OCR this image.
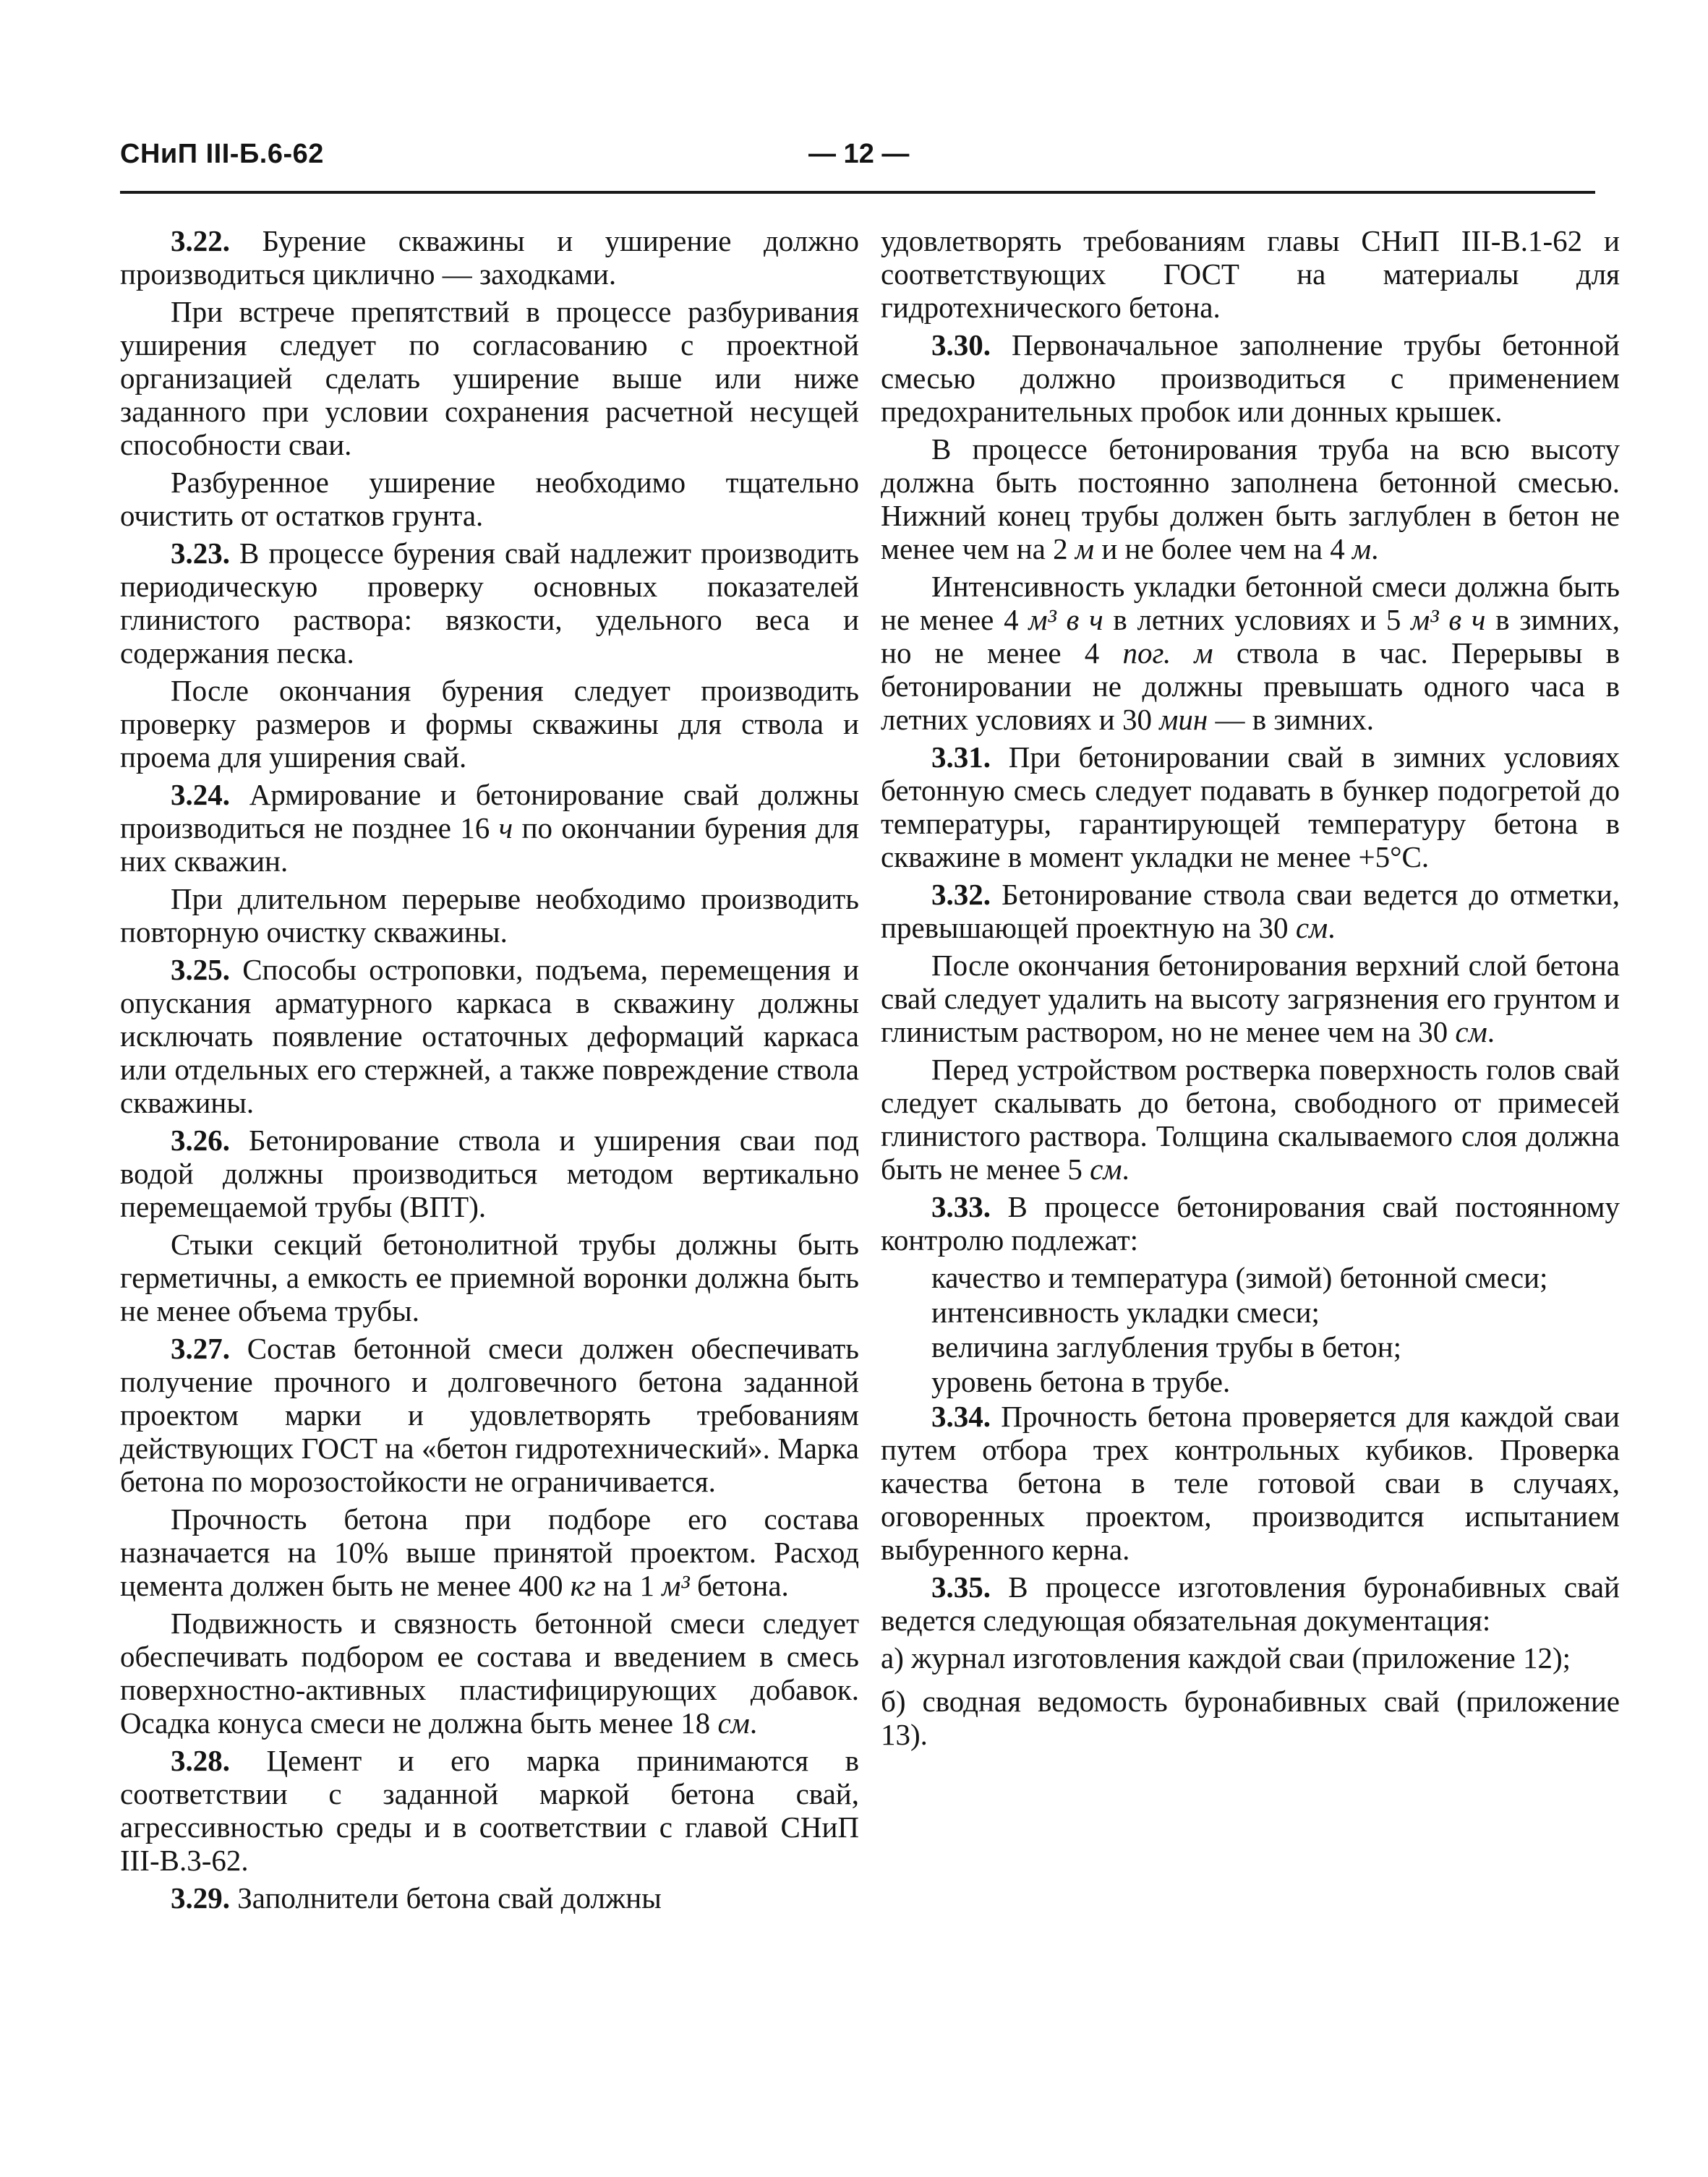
СНиП III-Б.6-62	— 12 —

3.22. Бурение скважины и уширение должно производиться циклично — заходками.

При встрече препятствий в процессе разбуривания уширения следует по согласованию с проектной организацией сделать уширение выше или ниже заданного при условии сохранения расчетной несущей способности сваи.

Разбуренное уширение необходимо тщательно очистить от остатков грунта.

3.23. В процессе бурения свай надлежит производить периодическую проверку основных показателей глинистого раствора: вязкости, удельного веса и содержания песка.

После окончания бурения следует производить проверку размеров и формы скважины для ствола и проема для уширения свай.

3.24. Армирование и бетонирование свай должны производиться не позднее 16 ч по окончании бурения для них скважин.

При длительном перерыве необходимо производить повторную очистку скважины.

3.25. Способы остроповки, подъема, перемещения и опускания арматурного каркаса в скважину должны исключать появление остаточных деформаций каркаса или отдельных его стержней, а также повреждение ствола скважины.

3.26. Бетонирование ствола и уширения сваи под водой должны производиться методом вертикально перемещаемой трубы (ВПТ).

Стыки секций бетонолитной трубы должны быть герметичны, а емкость ее приемной воронки должна быть не менее объема трубы.

3.27. Состав бетонной смеси должен обеспечивать получение прочного и долговечного бетона заданной проектом марки и удовлетворять требованиям действующих ГОСТ на «бетон гидротехнический». Марка бетона по морозостойкости не ограничивается.

Прочность бетона при подборе его состава назначается на 10% выше принятой проектом. Расход цемента должен быть не менее 400 кг на 1 м³ бетона.

Подвижность и связность бетонной смеси следует обеспечивать подбором ее состава и введением в смесь поверхностно-активных пластифицирующих добавок. Осадка конуса смеси не должна быть менее 18 см.

3.28. Цемент и его марка принимаются в соответствии с заданной маркой бетона свай, агрессивностью среды и в соответствии с главой СНиП III-В.3-62.

3.29. Заполнители бетона свай должны

удовлетворять требованиям главы СНиП III-В.1-62 и соответствующих ГОСТ на материалы для гидротехнического бетона.

3.30. Первоначальное заполнение трубы бетонной смесью должно производиться с применением предохранительных пробок или донных крышек.

В процессе бетонирования труба на всю высоту должна быть постоянно заполнена бетонной смесью. Нижний конец трубы должен быть заглублен в бетон не менее чем на 2 м и не более чем на 4 м.

Интенсивность укладки бетонной смеси должна быть не менее 4 м³ в ч в летних условиях и 5 м³ в ч в зимних, но не менее 4 пог. м ствола в час. Перерывы в бетонировании не должны превышать одного часа в летних условиях и 30 мин — в зимних.

3.31. При бетонировании свай в зимних условиях бетонную смесь следует подавать в бункер подогретой до температуры, гарантирующей температуру бетона в скважине в момент укладки не менее +5°С.

3.32. Бетонирование ствола сваи ведется до отметки, превышающей проектную на 30 см.

После окончания бетонирования верхний слой бетона свай следует удалить на высоту загрязнения его грунтом и глинистым раствором, но не менее чем на 30 см.

Перед устройством ростверка поверхность голов свай следует скалывать до бетона, свободного от примесей глинистого раствора. Толщина скалываемого слоя должна быть не менее 5 см.

3.33. В процессе бетонирования свай постоянному контролю подлежат:

качество и температура (зимой) бетонной смеси;

интенсивность укладки смеси;

величина заглубления трубы в бетон;

уровень бетона в трубе.

3.34. Прочность бетона проверяется для каждой сваи путем отбора трех контрольных кубиков. Проверка качества бетона в теле готовой сваи в случаях, оговоренных проектом, производится испытанием выбуренного керна.

3.35. В процессе изготовления буронабивных свай ведется следующая обязательная документация:

а) журнал изготовления каждой сваи (приложение 12);

б) сводная ведомость буронабивных свай (приложение 13).
